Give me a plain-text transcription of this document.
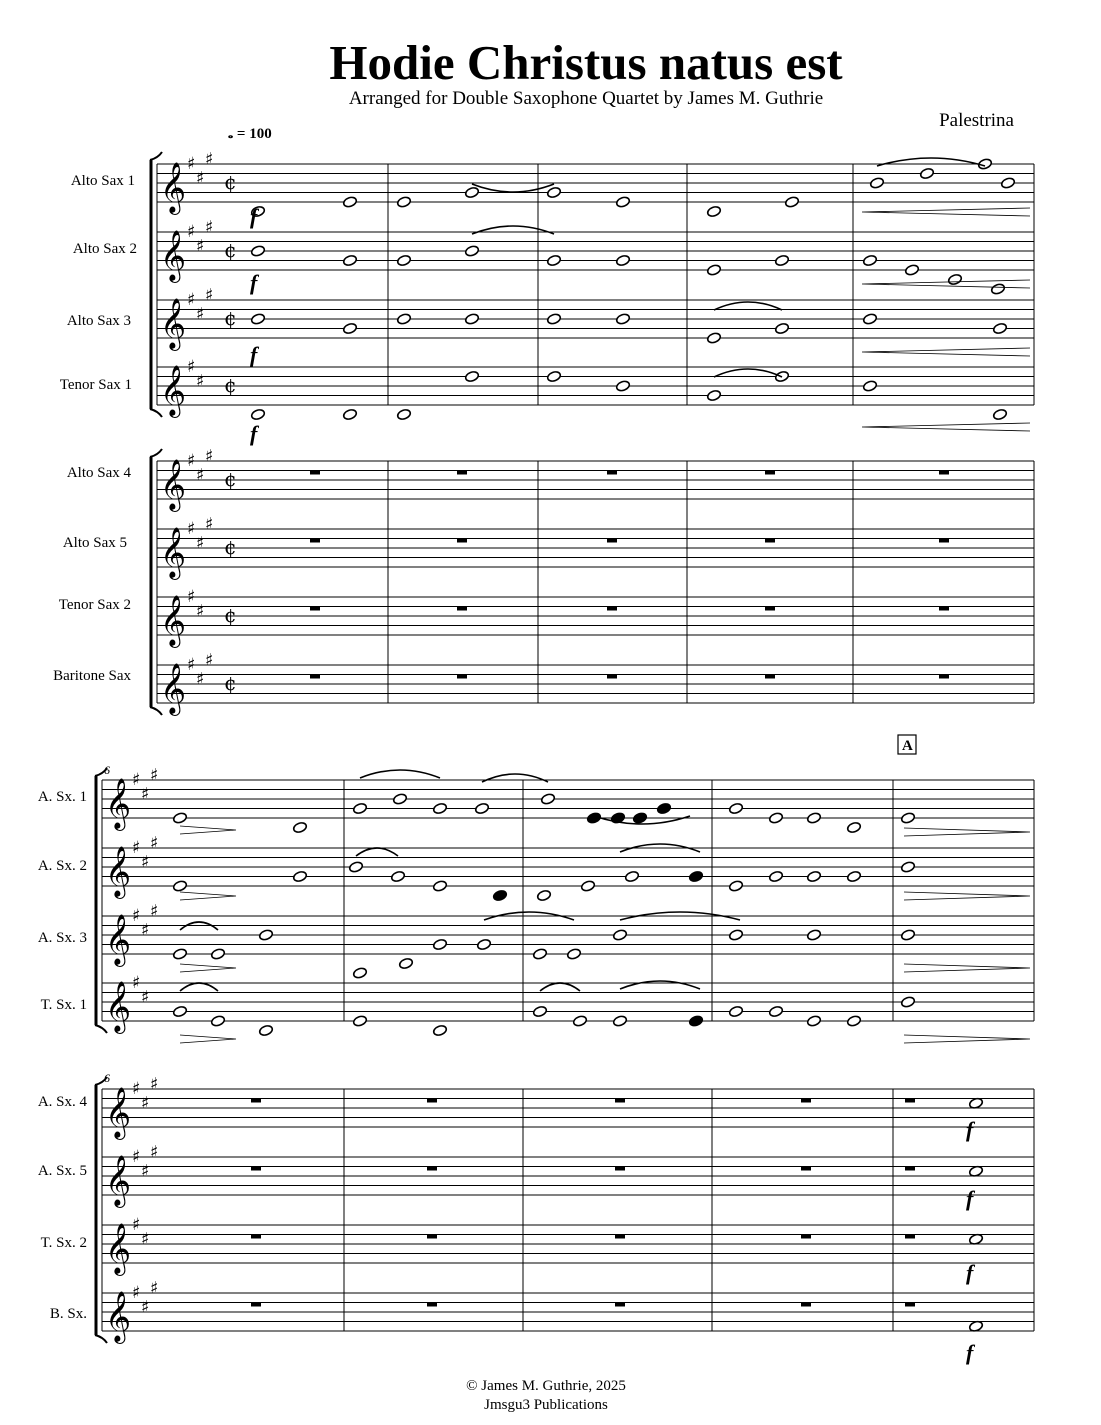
Hodie Christus natus est
Arranged for Double Saxophone Quartet by James M. Guthrie
Palestrina
𝅝 = 100
Alto Sax 1
Alto Sax 2
Alto Sax 3
Tenor Sax 1
Alto Sax 4
Alto Sax 5
Tenor Sax 2
Baritone Sax
A. Sx. 1
A. Sx. 2
A. Sx. 3
T. Sx. 1
A. Sx. 4
A. Sx. 5
T. Sx. 2
B. Sx.
𝄞 ♯
♯
♯
¢
𝄞 ♯
♯
♯
¢
𝄞 ♯
♯
♯
¢
𝄞 ♯
♯ ¢
𝄞 ♯
♯
♯
¢
𝄞 ♯
♯
♯
¢
𝄞 ♯
♯ ¢
𝄞 ♯
♯
♯
¢
𝄞 ♯
♯
♯
𝄞 ♯
♯
♯
𝄞 ♯
♯
♯
𝄞 ♯
♯
𝄞 ♯
♯
♯
𝄞 ♯
♯
♯
𝄞 ♯
♯
𝄞 ♯
♯
♯
f
f
f
f
f
f
f
f
6
6
A
© James M. Guthrie, 2025
Jmsgu3 Publications
